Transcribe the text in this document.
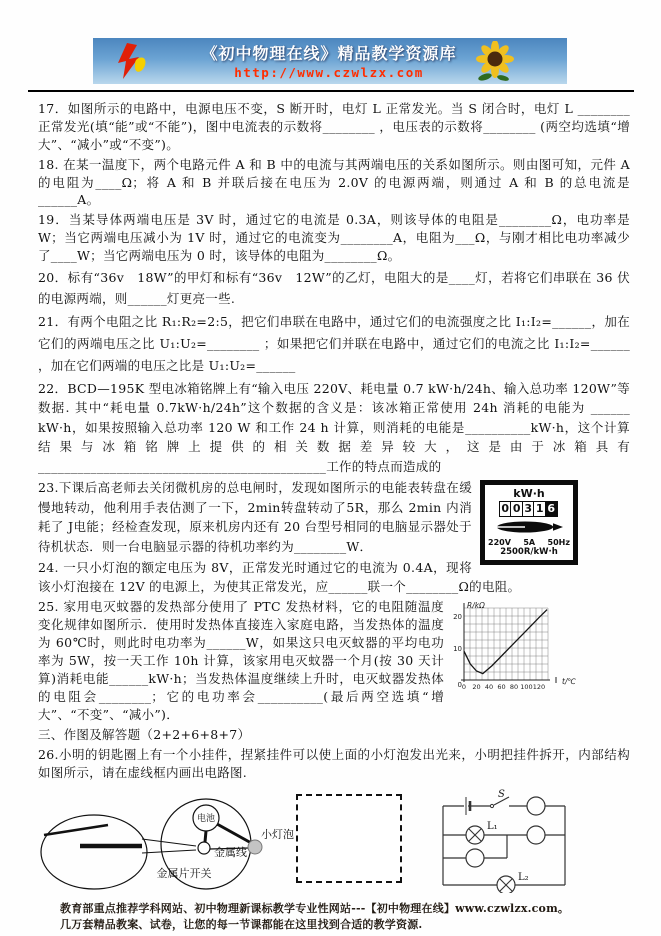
《初中物理在线》精品教学资源库
http://www.czwlzx.com

17．如图所示的电路中，电源电压不变，S 断开时，电灯 L 正常发光。当 S 闭合时，电灯 L ________ 正常发光(填“能”或“不能”)，图中电流表的示数将________ ，电压表的示数将________ (两空均选填“增大”、“减小”或“不变”)。

18. 在某一温度下，两个电路元件 A 和 B 中的电流与其两端电压的关系如图所示。则由图可知，元件 A 的电阻为____Ω；将 A 和 B 并联后接在电压为 2.0V 的电源两端，则通过 A 和 B 的总电流是______A。

19．当某导体两端电压是 3V 时，通过它的电流是 0.3A，则该导体的电阻是________Ω，电功率是 W；当它两端电压减小为 1V 时，通过它的电流变为________A，电阻为___Ω，与刚才相比电功率减少了____W；当它两端电压为 0 时，该导体的电阻为________Ω。

20．标有“36v　18W”的甲灯和标有“36v　12W”的乙灯，电阻大的是____灯，若将它们串联在 36 伏的电源两端，则______灯更亮一些.

21．有两个电阻之比 R₁:R₂=2:5，把它们串联在电路中，通过它们的电流强度之比 I₁:I₂=______，加在它们的两端电压之比 U₁:U₂=________ ；如果把它们并联在电路中，通过它们的电流之比 I₁:I₂=______ ，加在它们两端的电压之比是 U₁:U₂=______

22．BCD—195K 型电冰箱铭牌上有“输入电压 220V、耗电量 0.7 kW·h/24h、输入总功率 120W”等数据. 其中“耗电量 0.7kW·h/24h”这个数据的含义是：该冰箱正常使用 24h 消耗的电能为 ______ kW·h，如果按照输入总功率 120 W 和工作 24 h 计算，则消耗的电能是__________kW·h，这个计算结果与冰箱铭牌上提供的相关数据差异较大，这是由于冰箱具有____________________________________________工作的特点而造成的

kW·h
0 0 3 1 6
220V 5A 50Hz
2500R/kW·h

23.下课后高老师去关闭微机房的总电闸时，发现如图所示的电能表转盘在缓慢地转动，他利用手表估测了一下，2min转盘转动了5R，那么 2min 内消耗了 J电能；经检查发现，原来机房内还有 20 台型号相同的电脑显示器处于待机状态．则一台电脑显示器的待机功率约为________W．

24. 一只小灯泡的额定电压为 8V，正常发光时通过它的电流为 0.4A，现将该小灯泡接在 12V 的电源上，为使其正常发光，应______联一个________Ω的电阻。

R/kΩ
t/℃
20
10
0 0 20 40 60 80 100 120

25. 家用电灭蚊器的发热部分使用了 PTC 发热材料，它的电阻随温度变化规律如图所示．使用时发热体直接连入家庭电路，当发热体的温度为 60℃时，则此时电功率为______W，如果这只电灭蚊器的平均电功率为 5W，按一天工作 10h 计算，该家用电灭蚊器一个月(按 30 天计算)消耗电能______kW·h；当发热体温度继续上升时，电灭蚊器发热体的电阻会________；它的电功率会__________(最后两空选填“增大”、“不变”、“减小”)．

三、作图及解答题（2+2+6+8+7）

26.小明的钥匙圈上有一个小挂件，捏紧挂件可以使上面的小灯泡发出光来，小明把挂件拆开，内部结构如图所示，请在虚线框内画出电路图.

电池
金属线
小灯泡
金属片开关
S
L₁
L₂

教育部重点推荐学科网站、初中物理新课标教学专业性网站---【初中物理在线】www.czwlzx.com。

几万套精品教案、试卷，让您的每一节课都能在这里找到合适的教学资源.
